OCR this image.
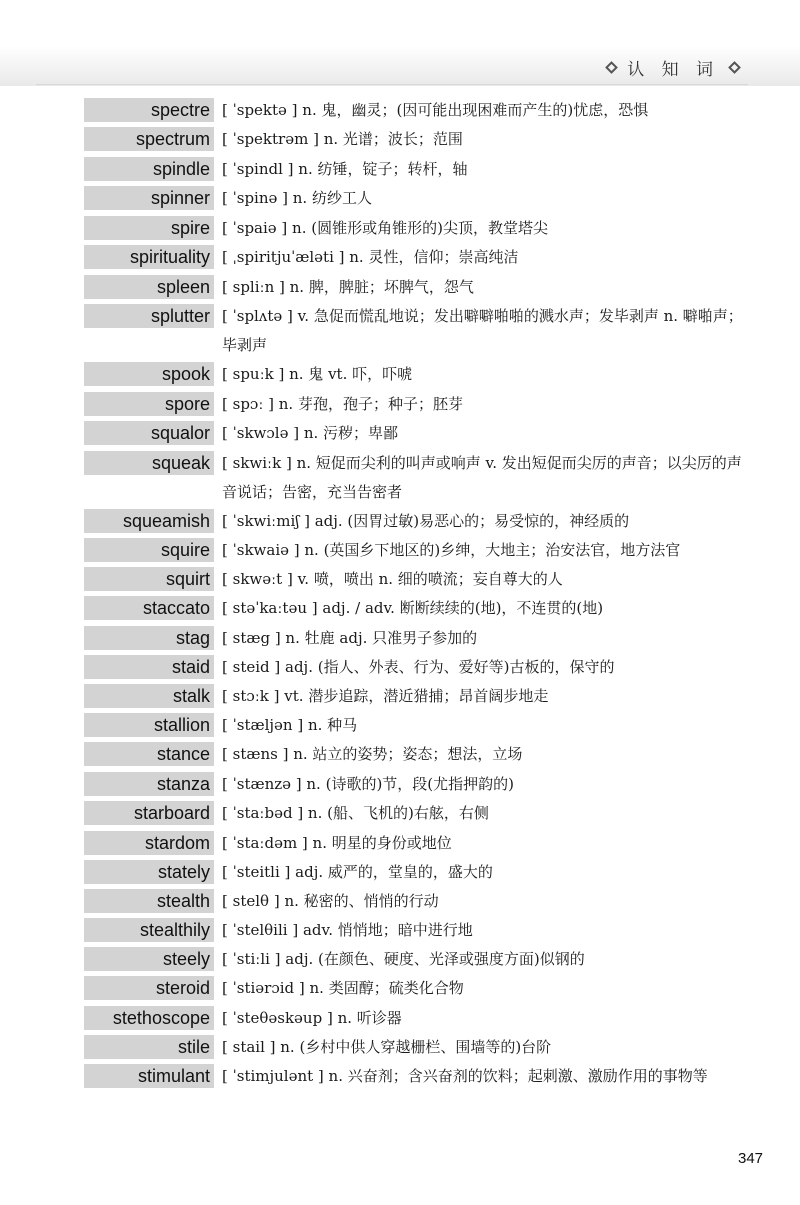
认 知 词
spectre [ ˈspektə ] n. 鬼，幽灵；(因可能出现困难而产生的)忧虑，恐惧
spectrum [ ˈspektrəm ] n. 光谱；波长；范围
spindle [ ˈspindl ] n. 纺锤，锭子；转杆，轴
spinner [ ˈspinə ] n. 纺纱工人
spire [ ˈspaiə ] n. (圆锥形或角锥形的)尖顶，教堂塔尖
spirituality [ ˌspiritjuˈæləti ] n. 灵性，信仰；崇高纯洁
spleen [ spliːn ] n. 脾，脾脏；坏脾气，怨气
splutter [ ˈsplʌtə ] v. 急促而慌乱地说；发出噼噼啪啪的溅水声；发毕剥声 n. 噼啪声；毕剥声
spook [ spuːk ] n. 鬼 vt. 吓，吓唬
spore [ spɔː ] n. 芽孢，孢子；种子；胚芽
squalor [ ˈskwɔlə ] n. 污秽；卑鄙
squeak [ skwiːk ] n. 短促而尖利的叫声或响声 v. 发出短促而尖厉的声音；以尖厉的声音说话；告密，充当告密者
squeamish [ ˈskwiːmiʃ ] adj. (因胃过敏)易恶心的；易受惊的，神经质的
squire [ ˈskwaiə ] n. (英国乡下地区的)乡绅，大地主；治安法官，地方法官
squirt [ skwəːt ] v. 喷，喷出 n. 细的喷流；妄自尊大的人
staccato [ stəˈkaːtəu ] adj. / adv. 断断续续的(地)，不连贯的(地)
stag [ stæg ] n. 牡鹿 adj. 只准男子参加的
staid [ steid ] adj. (指人、外表、行为、爱好等)古板的，保守的
stalk [ stɔːk ] vt. 潜步追踪，潜近猎捕；昂首阔步地走
stallion [ ˈstæljən ] n. 种马
stance [ stæns ] n. 站立的姿势；姿态；想法，立场
stanza [ ˈstænzə ] n. (诗歌的)节，段(尤指押韵的)
starboard [ ˈstaːbəd ] n. (船、飞机的)右舷，右侧
stardom [ ˈstaːdəm ] n. 明星的身份或地位
stately [ ˈsteitli ] adj. 威严的，堂皇的，盛大的
stealth [ stelθ ] n. 秘密的、悄悄的行动
stealthily [ ˈstelθili ] adv. 悄悄地；暗中进行地
steely [ ˈstiːli ] adj. (在颜色、硬度、光泽或强度方面)似钢的
steroid [ ˈstiərɔid ] n. 类固醇；硫类化合物
stethoscope [ ˈsteθəskəup ] n. 听诊器
stile [ stail ] n. (乡村中供人穿越栅栏、围墙等的)台阶
stimulant [ ˈstimjulənt ] n. 兴奋剂；含兴奋剂的饮料；起刺激、激励作用的事物等
347
